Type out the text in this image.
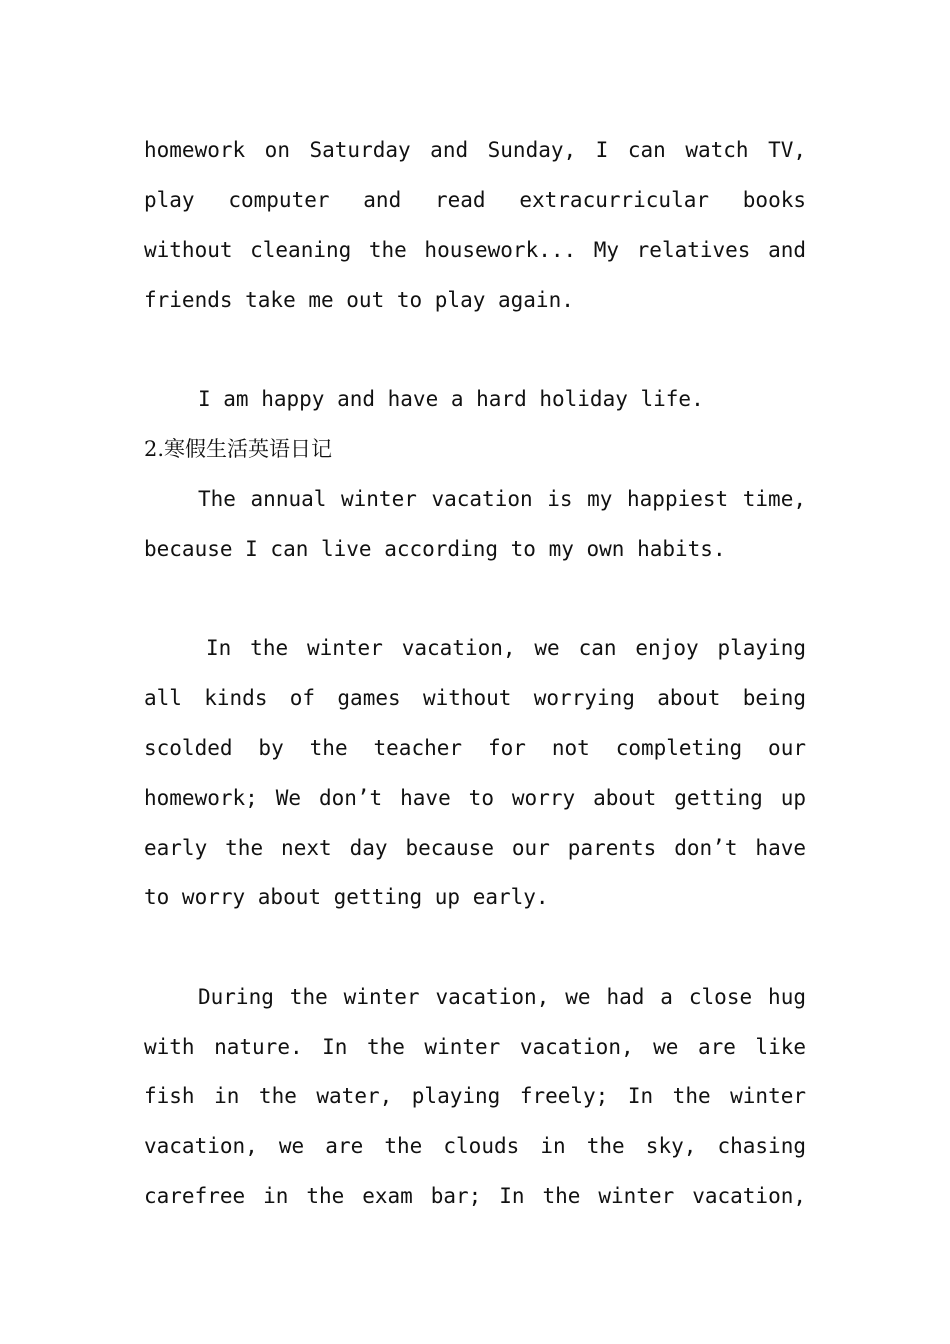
homework on Saturday and Sunday, I can watch TV,
play computer and read extracurricular books
without cleaning the housework... My relatives and
friends take me out to play again.
I am happy and have a hard holiday life.
2.寒假生活英语日记
The annual winter vacation is my happiest time,
because I can live according to my own habits.
In the winter vacation, we can enjoy playing
all kinds of games without worrying about being
scolded by the teacher for not completing our
homework; We don’t have to worry about getting up
early the next day because our parents don’t have
to worry about getting up early.
During the winter vacation, we had a close hug
with nature. In the winter vacation, we are like
fish in the water, playing freely; In the winter
vacation, we are the clouds in the sky, chasing
carefree in the exam bar; In the winter vacation,
